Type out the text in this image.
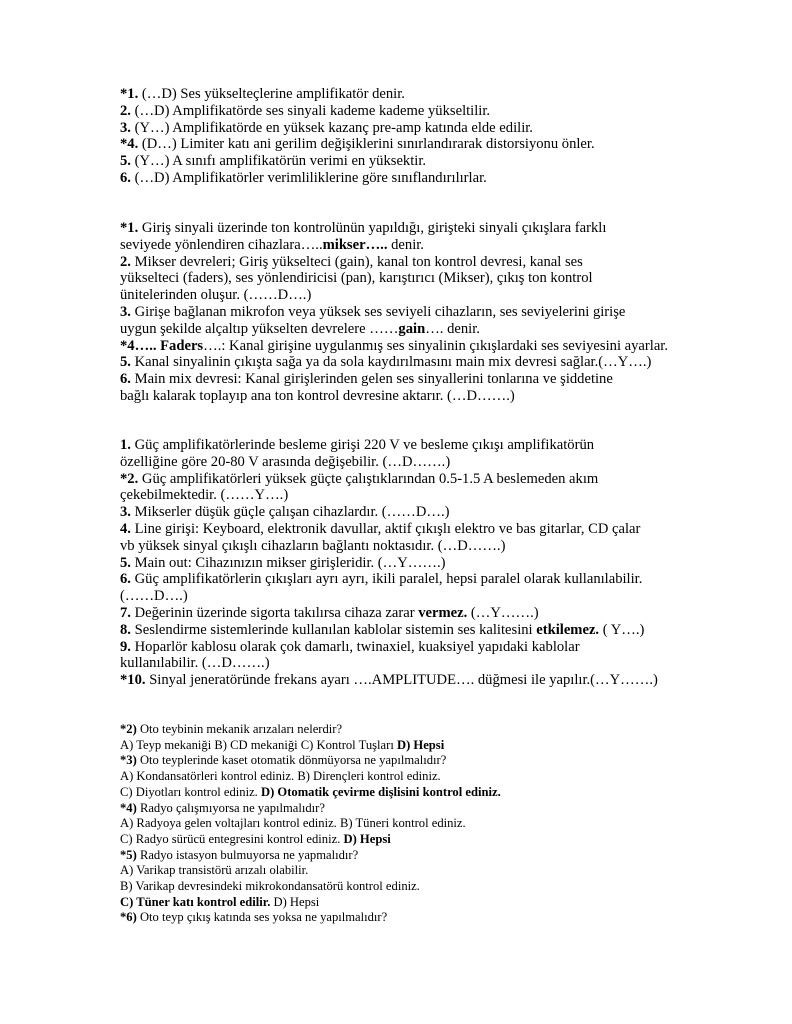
*1. (…D) Ses yükselteçlerine amplifikatör denir.
2. (…D) Amplifikatörde ses sinyali kademe kademe yükseltilir.
3. (Y…) Amplifikatörde en yüksek kazanç pre-amp katında elde edilir.
*4. (D…) Limiter katı ani gerilim değişiklerini sınırlandırarak distorsiyonu önler.
5. (Y…) A sınıfı amplifikatörün verimi en yüksektir.
6. (…D) Amplifikatörler verimliliklerine göre sınıflandırılırlar.
*1. Giriş sinyali üzerinde ton kontrolünün yapıldığı, girişteki sinyali çıkışlara farklı
seviyede yönlendiren cihazlara…..mikser….. denir.
2. Mikser devreleri; Giriş yükselteci (gain), kanal ton kontrol devresi, kanal ses
yükselteci (faders), ses yönlendiricisi (pan), karıştırıcı (Mikser), çıkış ton kontrol
ünitelerinden oluşur. (……D….)
3. Girişe bağlanan mikrofon veya yüksek ses seviyeli cihazların, ses seviyelerini girişe
uygun şekilde alçaltıp yükselten devrelere ……gain…. denir.
*4….. Faders….: Kanal girişine uygulanmış ses sinyalinin çıkışlardaki ses seviyesini ayarlar.
5. Kanal sinyalinin çıkışta sağa ya da sola kaydırılmasını main mix devresi sağlar.(…Y….)
6. Main mix devresi: Kanal girişlerinden gelen ses sinyallerini tonlarına ve şiddetine
bağlı kalarak toplayıp ana ton kontrol devresine aktarır. (…D…….)
1. Güç amplifikatörlerinde besleme girişi 220 V ve besleme çıkışı amplifikatörün
özelliğine göre 20-80 V arasında değişebilir. (…D…….)
*2. Güç amplifikatörleri yüksek güçte çalıştıklarından 0.5-1.5 A beslemeden akım
çekebilmektedir. (……Y….)
3. Mikserler düşük güçle çalışan cihazlardır. (……D….)
4. Line girişi: Keyboard, elektronik davullar, aktif çıkışlı elektro ve bas gitarlar, CD çalar
vb yüksek sinyal çıkışlı cihazların bağlantı noktasıdır. (…D…….)
5. Main out: Cihazınızın mikser girişleridir. (…Y…….)
6. Güç amplifikatörlerin çıkışları ayrı ayrı, ikili paralel, hepsi paralel olarak kullanılabilir.
(……D….)
7. Değerinin üzerinde sigorta takılırsa cihaza zarar vermez. (…Y…….)
8. Seslendirme sistemlerinde kullanılan kablolar sistemin ses kalitesini etkilemez. ( Y….)
9. Hoparlör kablosu olarak çok damarlı, twinaxiel, kuaksiyel yapıdaki kablolar
kullanılabilir. (…D…….)
*10. Sinyal jeneratöründe frekans ayarı ….AMPLITUDE…. düğmesi ile yapılır.(…Y…….)
*2) Oto teybinin mekanik arızaları nelerdir?
A) Teyp mekaniği B) CD mekaniği C) Kontrol Tuşları D) Hepsi
*3) Oto teyplerinde kaset otomatik dönmüyorsa ne yapılmalıdır?
A) Kondansatörleri kontrol ediniz. B) Dirençleri kontrol ediniz.
C) Diyotları kontrol ediniz. D) Otomatik çevirme dişlisini kontrol ediniz.
*4) Radyo çalışmıyorsa ne yapılmalıdır?
A) Radyoya gelen voltajları kontrol ediniz. B) Tüneri kontrol ediniz.
C) Radyo sürücü entegresini kontrol ediniz. D) Hepsi
*5) Radyo istasyon bulmuyorsa ne yapmalıdır?
A) Varikap transistörü arızalı olabilir.
B) Varikap devresindeki mikrokondansatörü kontrol ediniz.
C) Tüner katı kontrol edilir. D) Hepsi
*6) Oto teyp çıkış katında ses yoksa ne yapılmalıdır?
